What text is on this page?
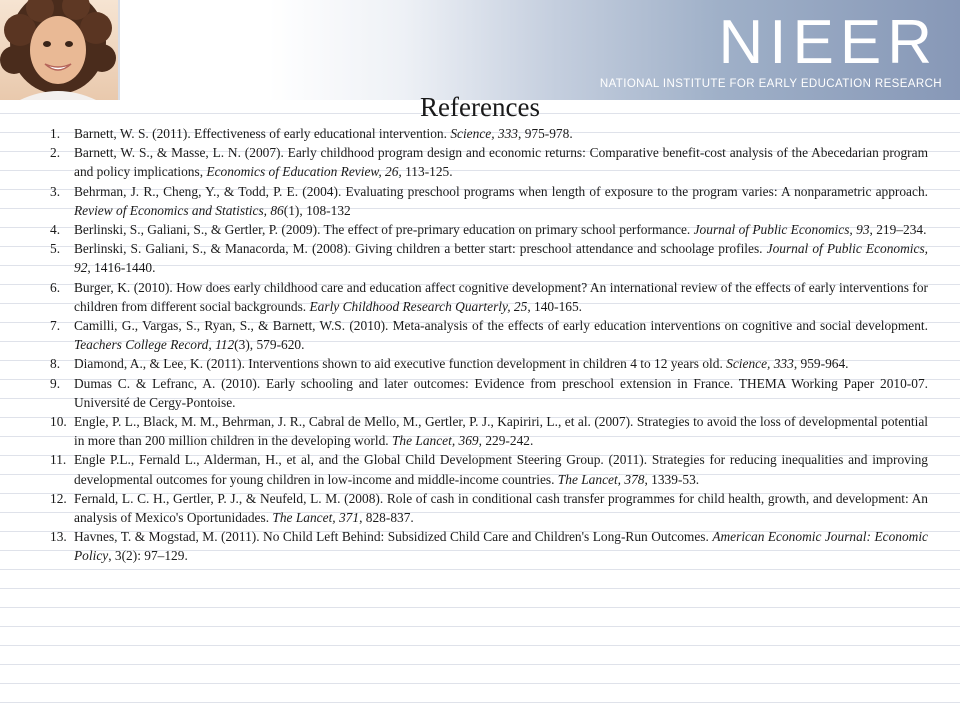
NIEER
NATIONAL INSTITUTE FOR EARLY EDUCATION RESEARCH
References
1. Barnett, W. S. (2011). Effectiveness of early educational intervention. Science, 333, 975-978.
2. Barnett, W. S., & Masse, L. N. (2007). Early childhood program design and economic returns: Comparative benefit-cost analysis of the Abecedarian program and policy implications, Economics of Education Review, 26, 113-125.
3. Behrman, J. R., Cheng, Y., & Todd, P. E. (2004). Evaluating preschool programs when length of exposure to the program varies: A nonparametric approach. Review of Economics and Statistics, 86(1), 108-132
4. Berlinski, S., Galiani, S., & Gertler, P. (2009). The effect of pre-primary education on primary school performance. Journal of Public Economics, 93, 219–234.
5. Berlinski, S. Galiani, S., & Manacorda, M. (2008). Giving children a better start: preschool attendance and schoolage profiles. Journal of Public Economics, 92, 1416-1440.
6. Burger, K. (2010). How does early childhood care and education affect cognitive development? An international review of the effects of early interventions for children from different social backgrounds. Early Childhood Research Quarterly, 25, 140-165.
7. Camilli, G., Vargas, S., Ryan, S., & Barnett, W.S. (2010). Meta-analysis of the effects of early education interventions on cognitive and social development. Teachers College Record, 112(3), 579-620.
8. Diamond, A., & Lee, K. (2011). Interventions shown to aid executive function development in children 4 to 12 years old. Science, 333, 959-964.
9. Dumas C. & Lefranc, A. (2010). Early schooling and later outcomes: Evidence from preschool extension in France. THEMA Working Paper 2010-07. Université de Cergy-Pontoise.
10. Engle, P. L., Black, M. M., Behrman, J. R., Cabral de Mello, M., Gertler, P. J., Kapiriri, L., et al. (2007). Strategies to avoid the loss of developmental potential in more than 200 million children in the developing world. The Lancet, 369, 229-242.
11. Engle P.L., Fernald L., Alderman, H., et al, and the Global Child Development Steering Group. (2011). Strategies for reducing inequalities and improving developmental outcomes for young children in low-income and middle-income countries. The Lancet, 378, 1339-53.
12. Fernald, L. C. H., Gertler, P. J., & Neufeld, L. M. (2008). Role of cash in conditional cash transfer programmes for child health, growth, and development: An analysis of Mexico's Oportunidades. The Lancet, 371, 828-837.
13. Havnes, T. & Mogstad, M. (2011). No Child Left Behind: Subsidized Child Care and Children's Long-Run Outcomes. American Economic Journal: Economic Policy, 3(2): 97–129.
